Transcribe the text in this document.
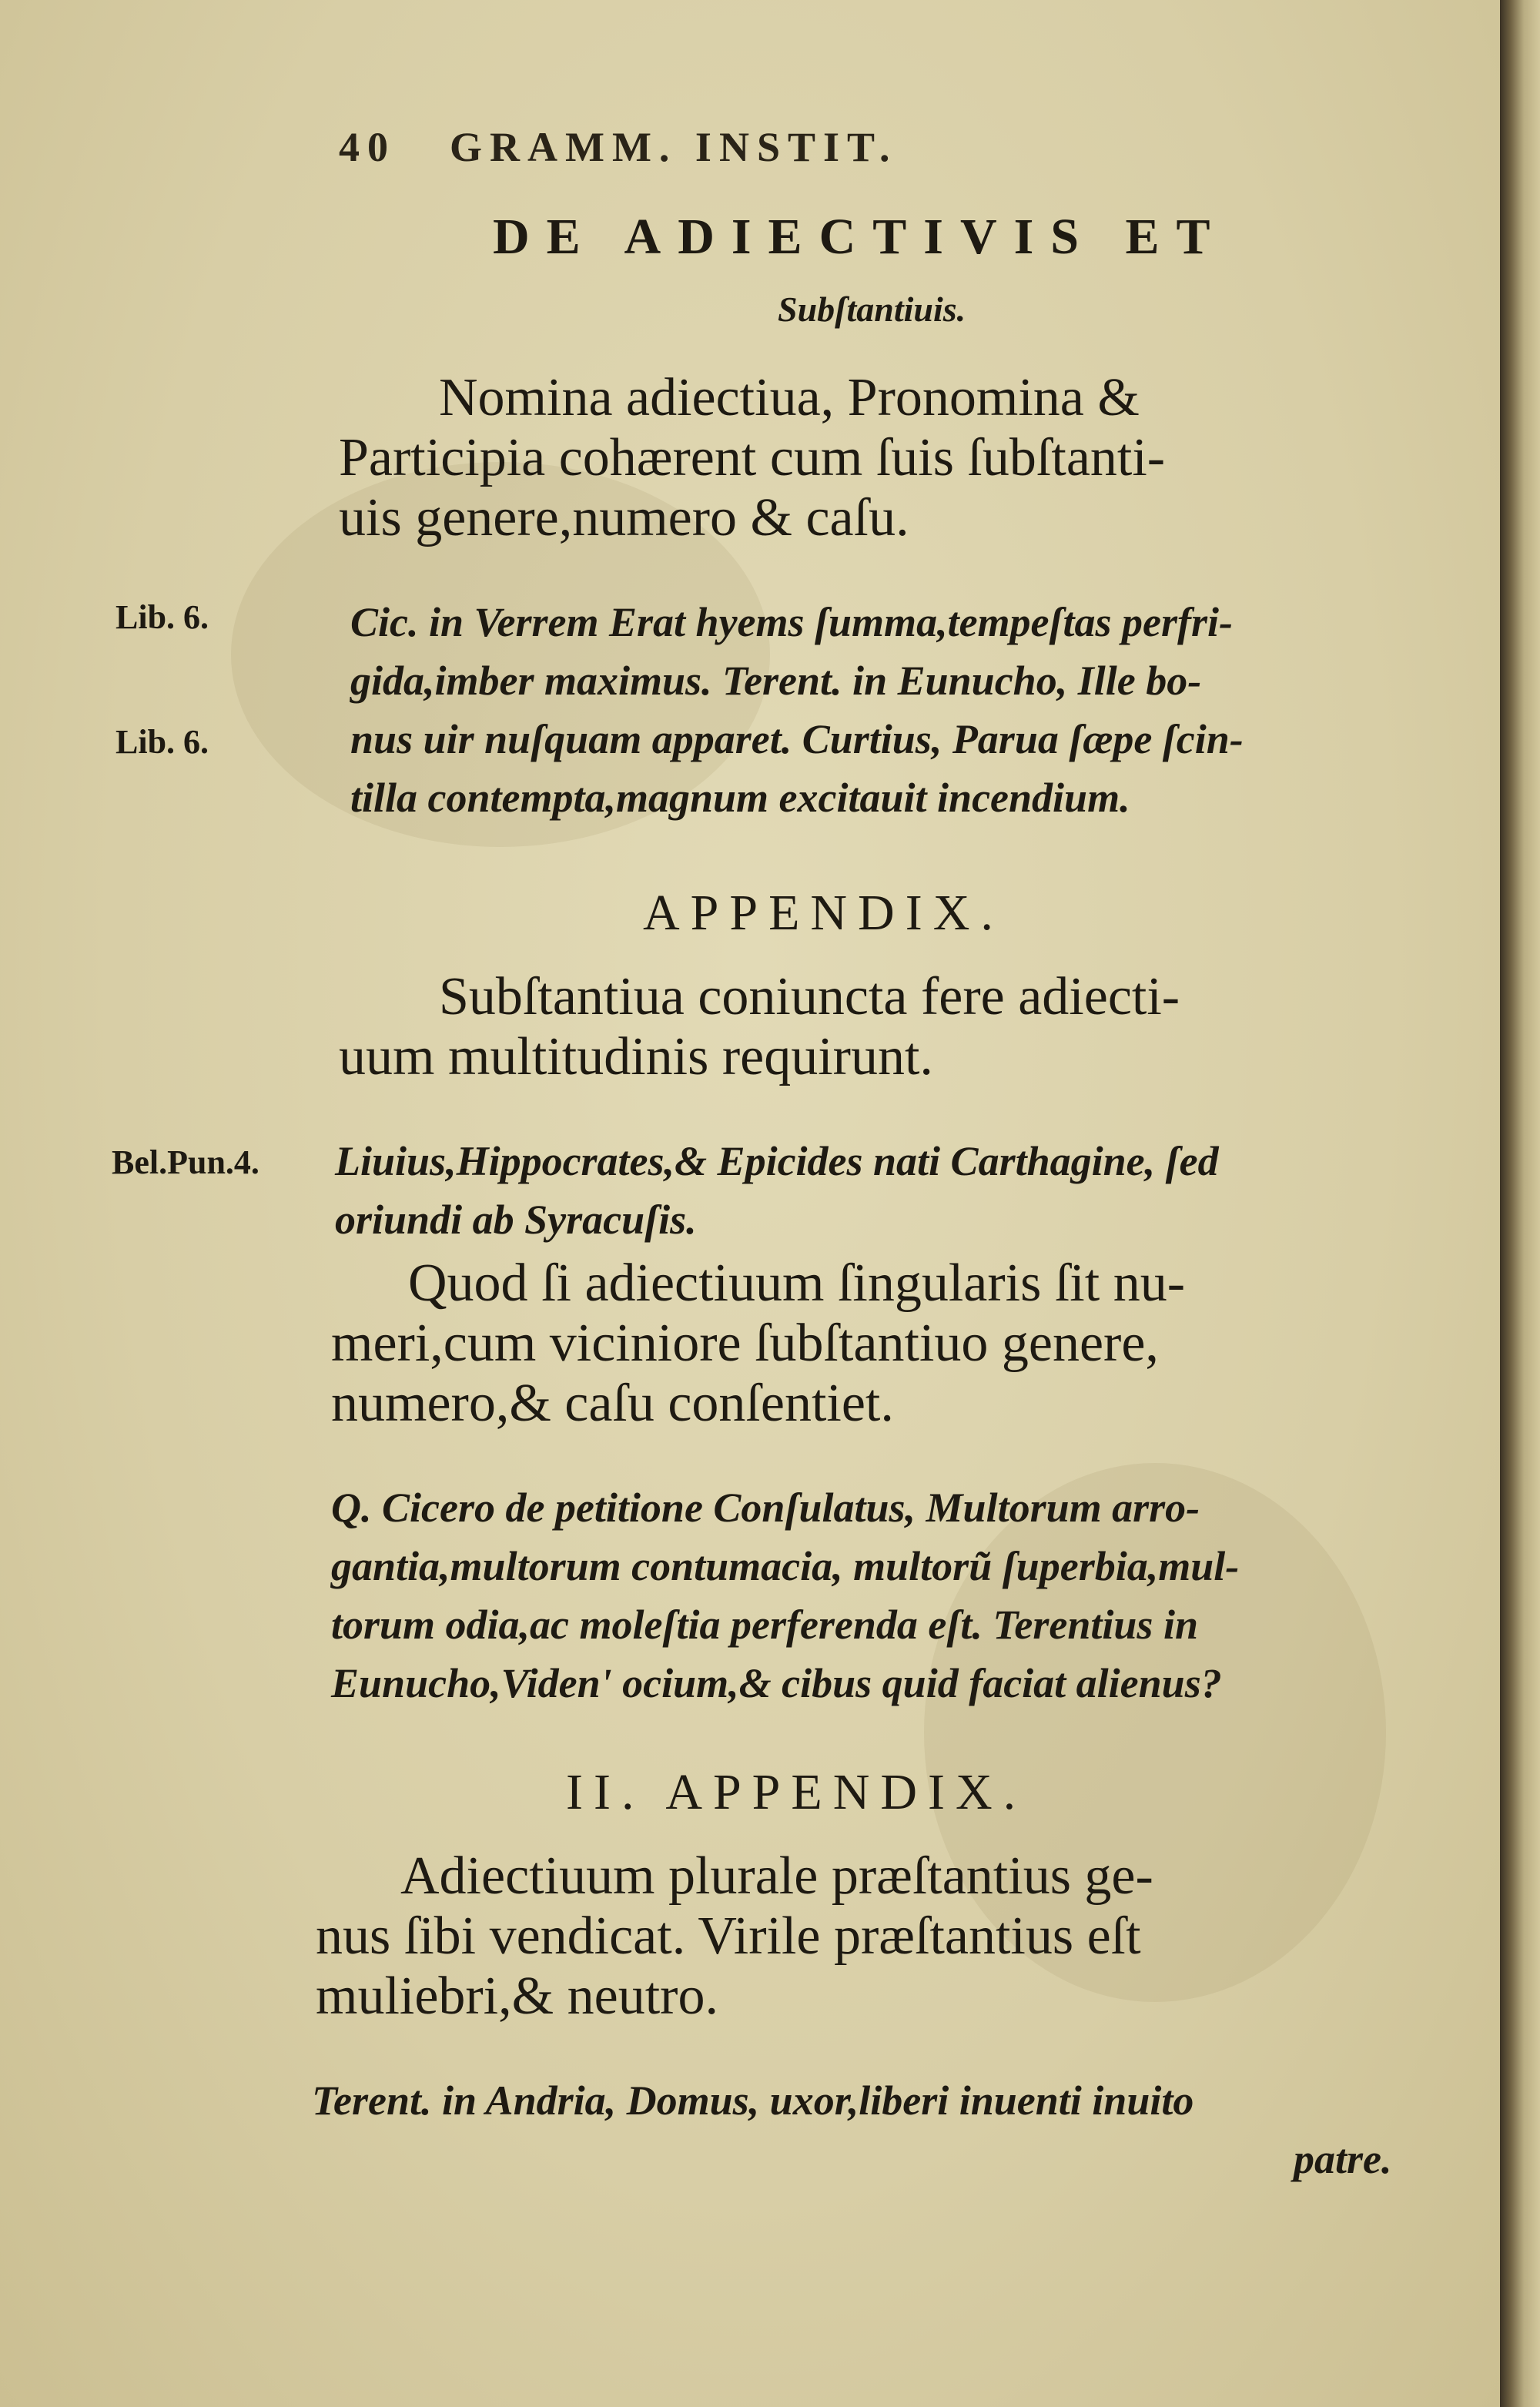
40 GRAMM. INSTIT.
DE ADIECTIVIS ET
Subſtantiuis.
Nomina adiectiua, Pronomina &
Participia cohærent cum ſuis ſubſtanti-
uis genere,numero & caſu.
Lib. 6.
Lib. 6.
Cic. in Verrem Erat hyems ſumma,tempeſtas perfri-
gida,imber maximus. Terent. in Eunucho, Ille bo-
nus uir nuſquam apparet. Curtius, Parua ſæpe ſcin-
tilla contempta,magnum excitauit incendium.
APPENDIX.
Subſtantiua coniuncta fere adiecti-
uum multitudinis requirunt.
Bel.Pun.4. Liuius,Hippocrates,& Epicides nati Carthagine, ſed
oriundi ab Syracuſis.
Quod ſi adiectiuum ſingularis ſit nu-
meri,cum viciniore ſubſtantiuo genere,
numero,& caſu conſentiet.
Q. Cicero de petitione Conſulatus, Multorum arro-
gantia,multorum contumacia, multorũ ſuperbia,mul-
torum odia,ac moleſtia perferenda eſt. Terentius in
Eunucho,Viden' ocium,& cibus quid faciat alienus?
II. APPENDIX.
Adiectiuum plurale præſtantius ge-
nus ſibi vendicat. Virile præſtantius eſt
muliebri,& neutro.
Terent. in Andria, Domus, uxor,liberi inuenti inuito
patre.
